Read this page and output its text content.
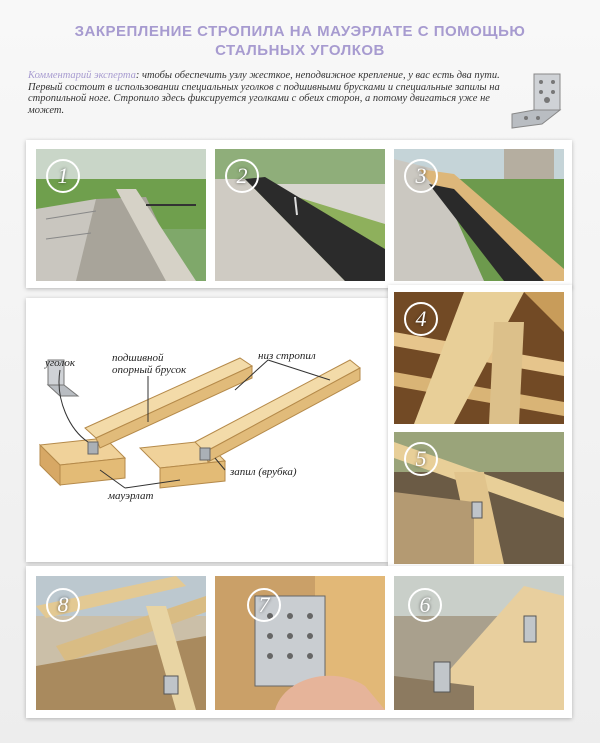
ЗАКРЕПЛЕНИЕ СТРОПИЛА НА МАУЭРЛАТЕ С ПОМОЩЬЮ СТАЛЬНЫХ УГОЛКОВ
Комментарий эксперта: чтобы обеспечить узлу жесткое, неподвижное крепление, у вас есть два пути. Первый состоит в использовании специальных уголков с подшивными брусками и специальные запилы на стропильной ноге. Стропило здесь фиксируется уголками с обеих сторон, а потому двигаться уже не может.
1	2	3
уголок	подшивной опорный брусок
низ стропил
запил (врубка)
мауэрлат
4
5
8	7	6
